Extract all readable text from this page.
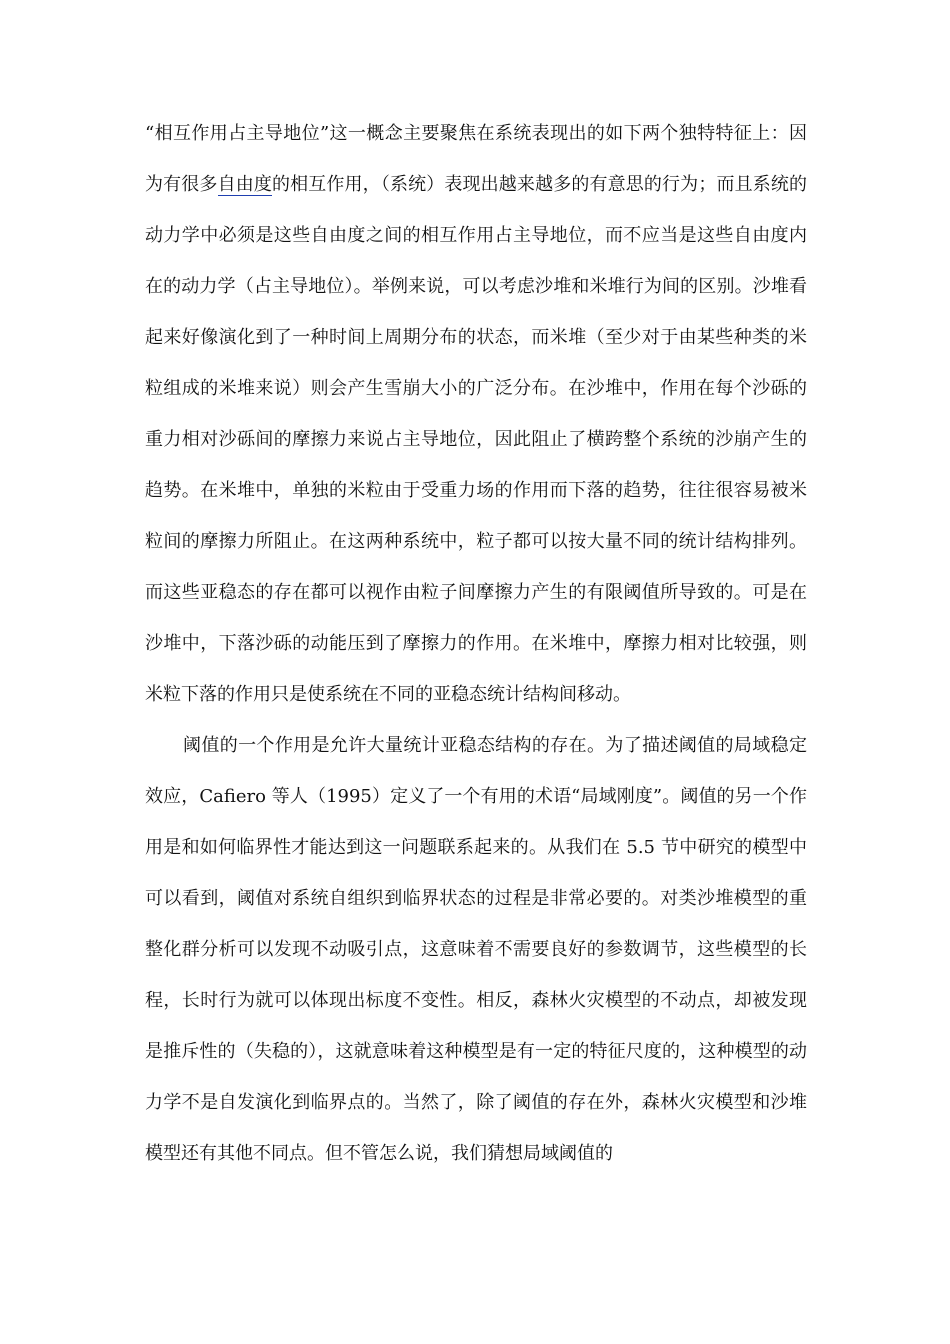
“相互作用占主导地位”这一概念主要聚焦在系统表现出的如下两个独特特征上：因为有很多自由度的相互作用，（系统）表现出越来越多的有意思的行为；而且系统的动力学中必须是这些自由度之间的相互作用占主导地位，而不应当是这些自由度内在的动力学（占主导地位）。举例来说，可以考虑沙堆和米堆行为间的区别。沙堆看起来好像演化到了一种时间上周期分布的状态，而米堆（至少对于由某些种类的米粒组成的米堆来说）则会产生雪崩大小的广泛分布。在沙堆中，作用在每个沙砾的重力相对沙砾间的摩擦力来说占主导地位，因此阻止了横跨整个系统的沙崩产生的趋势。在米堆中，单独的米粒由于受重力场的作用而下落的趋势，往往很容易被米粒间的摩擦力所阻止。在这两种系统中，粒子都可以按大量不同的统计结构排列。而这些亚稳态的存在都可以视作由粒子间摩擦力产生的有限阈值所导致的。可是在沙堆中，下落沙砾的动能压到了摩擦力的作用。在米堆中，摩擦力相对比较强，则米粒下落的作用只是使系统在不同的亚稳态统计结构间移动。

阈值的一个作用是允许大量统计亚稳态结构的存在。为了描述阈值的局域稳定效应，Cafiero 等人（1995）定义了一个有用的术语“局域刚度”。阈值的另一个作用是和如何临界性才能达到这一问题联系起来的。从我们在 5.5 节中研究的模型中可以看到，阈值对系统自组织到临界状态的过程是非常必要的。对类沙堆模型的重整化群分析可以发现不动吸引点，这意味着不需要良好的参数调节，这些模型的长程，长时行为就可以体现出标度不变性。相反，森林火灾模型的不动点，却被发现是推斥性的（失稳的），这就意味着这种模型是有一定的特征尺度的，这种模型的动力学不是自发演化到临界点的。当然了，除了阈值的存在外，森林火灾模型和沙堆模型还有其他不同点。但不管怎么说，我们猜想局域阈值的
